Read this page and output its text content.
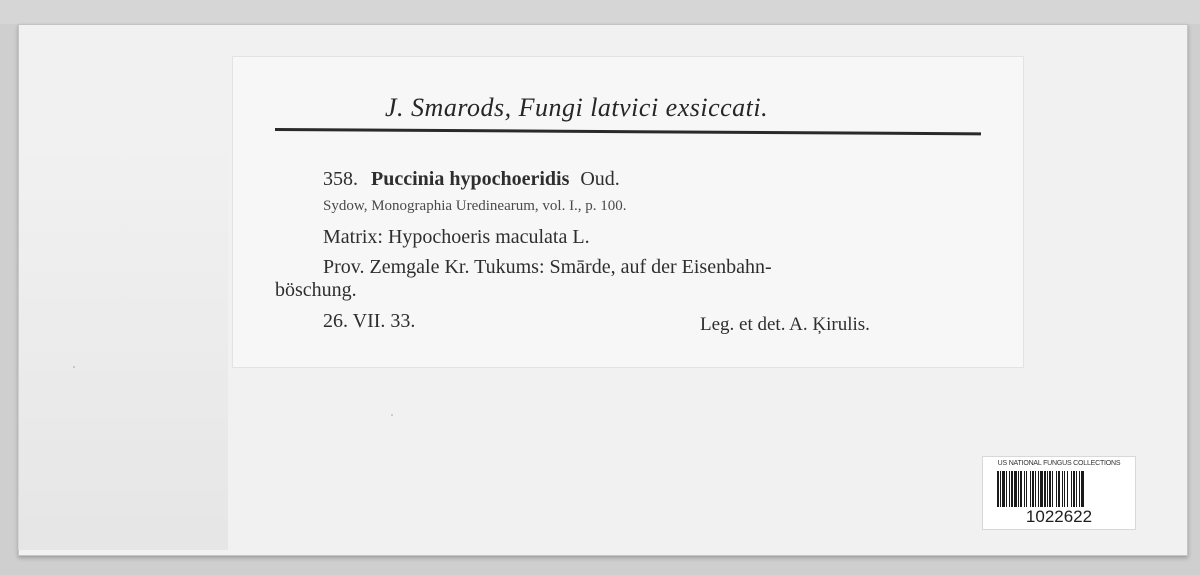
J. Smarods, Fungi latvici exsiccati.
358. Puccinia hypochoeridis Oud.
Sydow, Monographia Uredinearum, vol. I., p. 100.
Matrix: Hypochoeris maculata L.
Prov. Zemgale Kr. Tukums: Smārde, auf der Eisenbahn-
böschung.
26. VII. 33.	Leg. et det. A. Ķirulis.
US NATIONAL FUNGUS COLLECTIONS
1022622
